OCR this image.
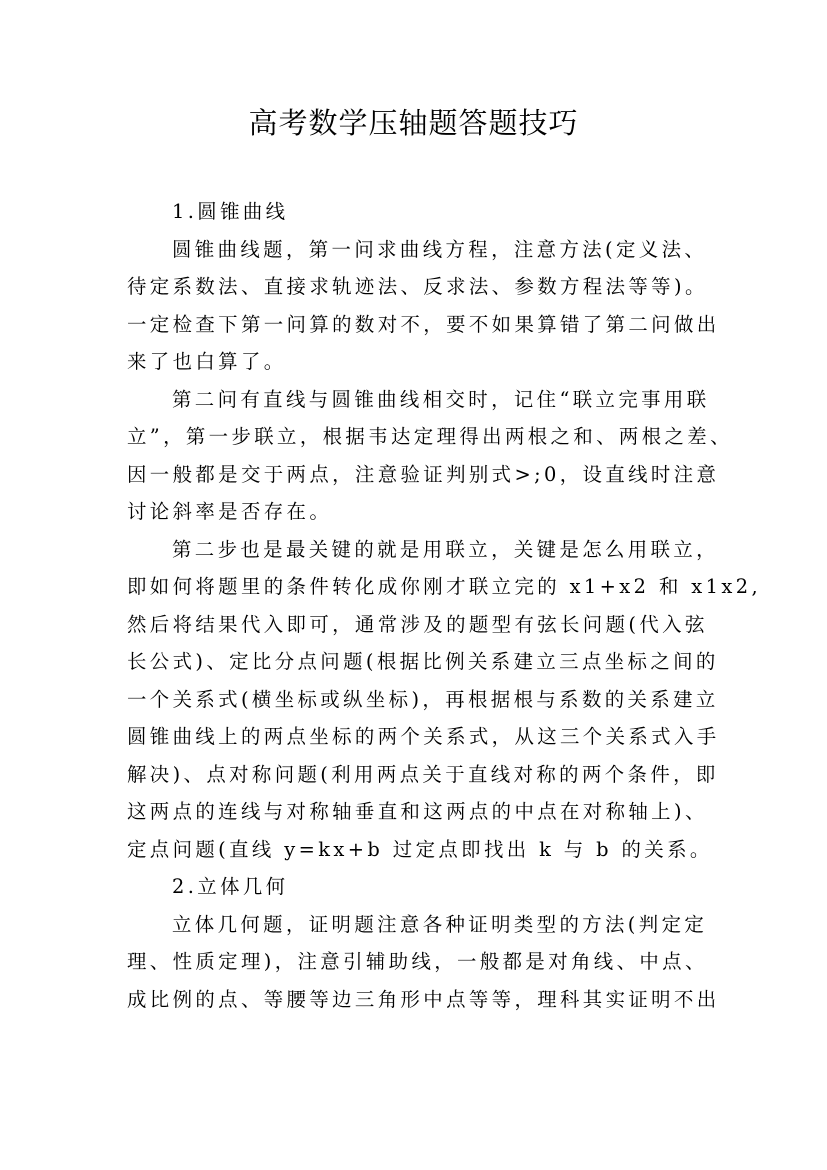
高考数学压轴题答题技巧
1.圆锥曲线
圆锥曲线题，第一问求曲线方程，注意方法(定义法、
待定系数法、直接求轨迹法、反求法、参数方程法等等)。
一定检查下第一问算的数对不，要不如果算错了第二问做出
来了也白算了。
第二问有直线与圆锥曲线相交时，记住“联立完事用联
立”，第一步联立，根据韦达定理得出两根之和、两根之差、
因一般都是交于两点，注意验证判别式>;0，设直线时注意
讨论斜率是否存在。
第二步也是最关键的就是用联立，关键是怎么用联立，
即如何将题里的条件转化成你刚才联立完的 x1+x2 和 x1x2,
然后将结果代入即可，通常涉及的题型有弦长问题(代入弦
长公式)、定比分点问题(根据比例关系建立三点坐标之间的
一个关系式(横坐标或纵坐标)，再根据根与系数的关系建立
圆锥曲线上的两点坐标的两个关系式，从这三个关系式入手
解决)、点对称问题(利用两点关于直线对称的两个条件，即
这两点的连线与对称轴垂直和这两点的中点在对称轴上)、
定点问题(直线 y=kx+b 过定点即找出 k 与 b 的关系。
2.立体几何
立体几何题，证明题注意各种证明类型的方法(判定定
理、性质定理)，注意引辅助线，一般都是对角线、中点、
成比例的点、等腰等边三角形中点等等，理科其实证明不出
